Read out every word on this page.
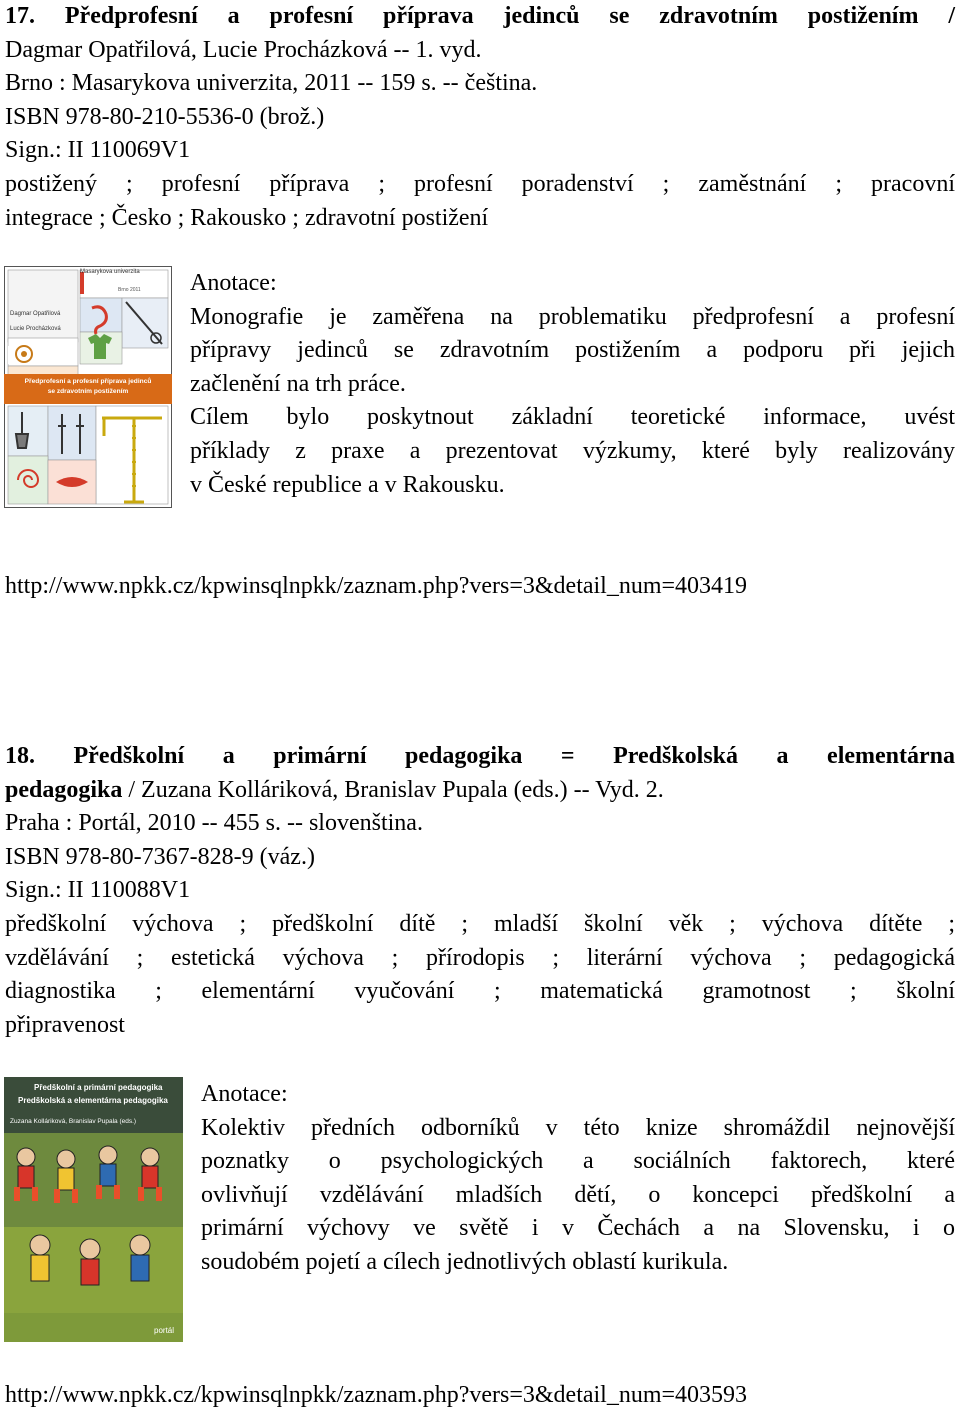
17. Předprofesní a profesní příprava jedinců se zdravotním postižením /
Dagmar Opatřilová, Lucie Procházková -- 1. vyd.
Brno : Masarykova univerzita, 2011 -- 159 s. -- čeština.
ISBN 978-80-210-5536-0 (brož.)
Sign.: II 110069V1
postižený ; profesní příprava ; profesní poradenství ; zaměstnání ; pracovní
integrace ; Česko ; Rakousko ; zdravotní postižení
Masarykova univerzita
Brno 2011
Dagmar Opatřilová
Lucie Procházková
Předprofesní a profesní příprava jedinců
se zdravotním postižením
Anotace:
Monografie je zaměřena na problematiku předprofesní a profesní
přípravy jedinců se zdravotním postižením a podporu při jejich
začlenění na trh práce.
Cílem bylo poskytnout základní teoretické informace, uvést
příklady z praxe a prezentovat výzkumy, které byly realizovány
v České republice a v Rakousku.
http://www.npkk.cz/kpwinsqlnpkk/zaznam.php?vers=3&detail_num=403419
18. Předškolní a primární pedagogika = Predškolská a elementárna
pedagogika / Zuzana Kolláriková, Branislav Pupala (eds.) -- Vyd. 2.
Praha : Portál, 2010 -- 455 s. -- slovenština.
ISBN 978-80-7367-828-9 (váz.)
Sign.: II 110088V1
předškolní výchova ; předškolní dítě ; mladší školní věk ; výchova dítěte ;
vzdělávání ; estetická výchova ; přírodopis ; literární výchova ; pedagogická
diagnostika ; elementární vyučování ; matematická gramotnost ; školní
připravenost
Předškolní a primární pedagogika
Predškolská a elementárna pedagogika
Zuzana Kolláriková, Branislav Pupala (eds.)
portál
Anotace:
Kolektiv předních odborníků v této knize shromáždil nejnovější
poznatky o psychologických a sociálních faktorech, které
ovlivňují vzdělávání mladších dětí, o koncepci předškolní a
primární výchovy ve světě i v Čechách a na Slovensku, i o
soudobém pojetí a cílech jednotlivých oblastí kurikula.
http://www.npkk.cz/kpwinsqlnpkk/zaznam.php?vers=3&detail_num=403593
